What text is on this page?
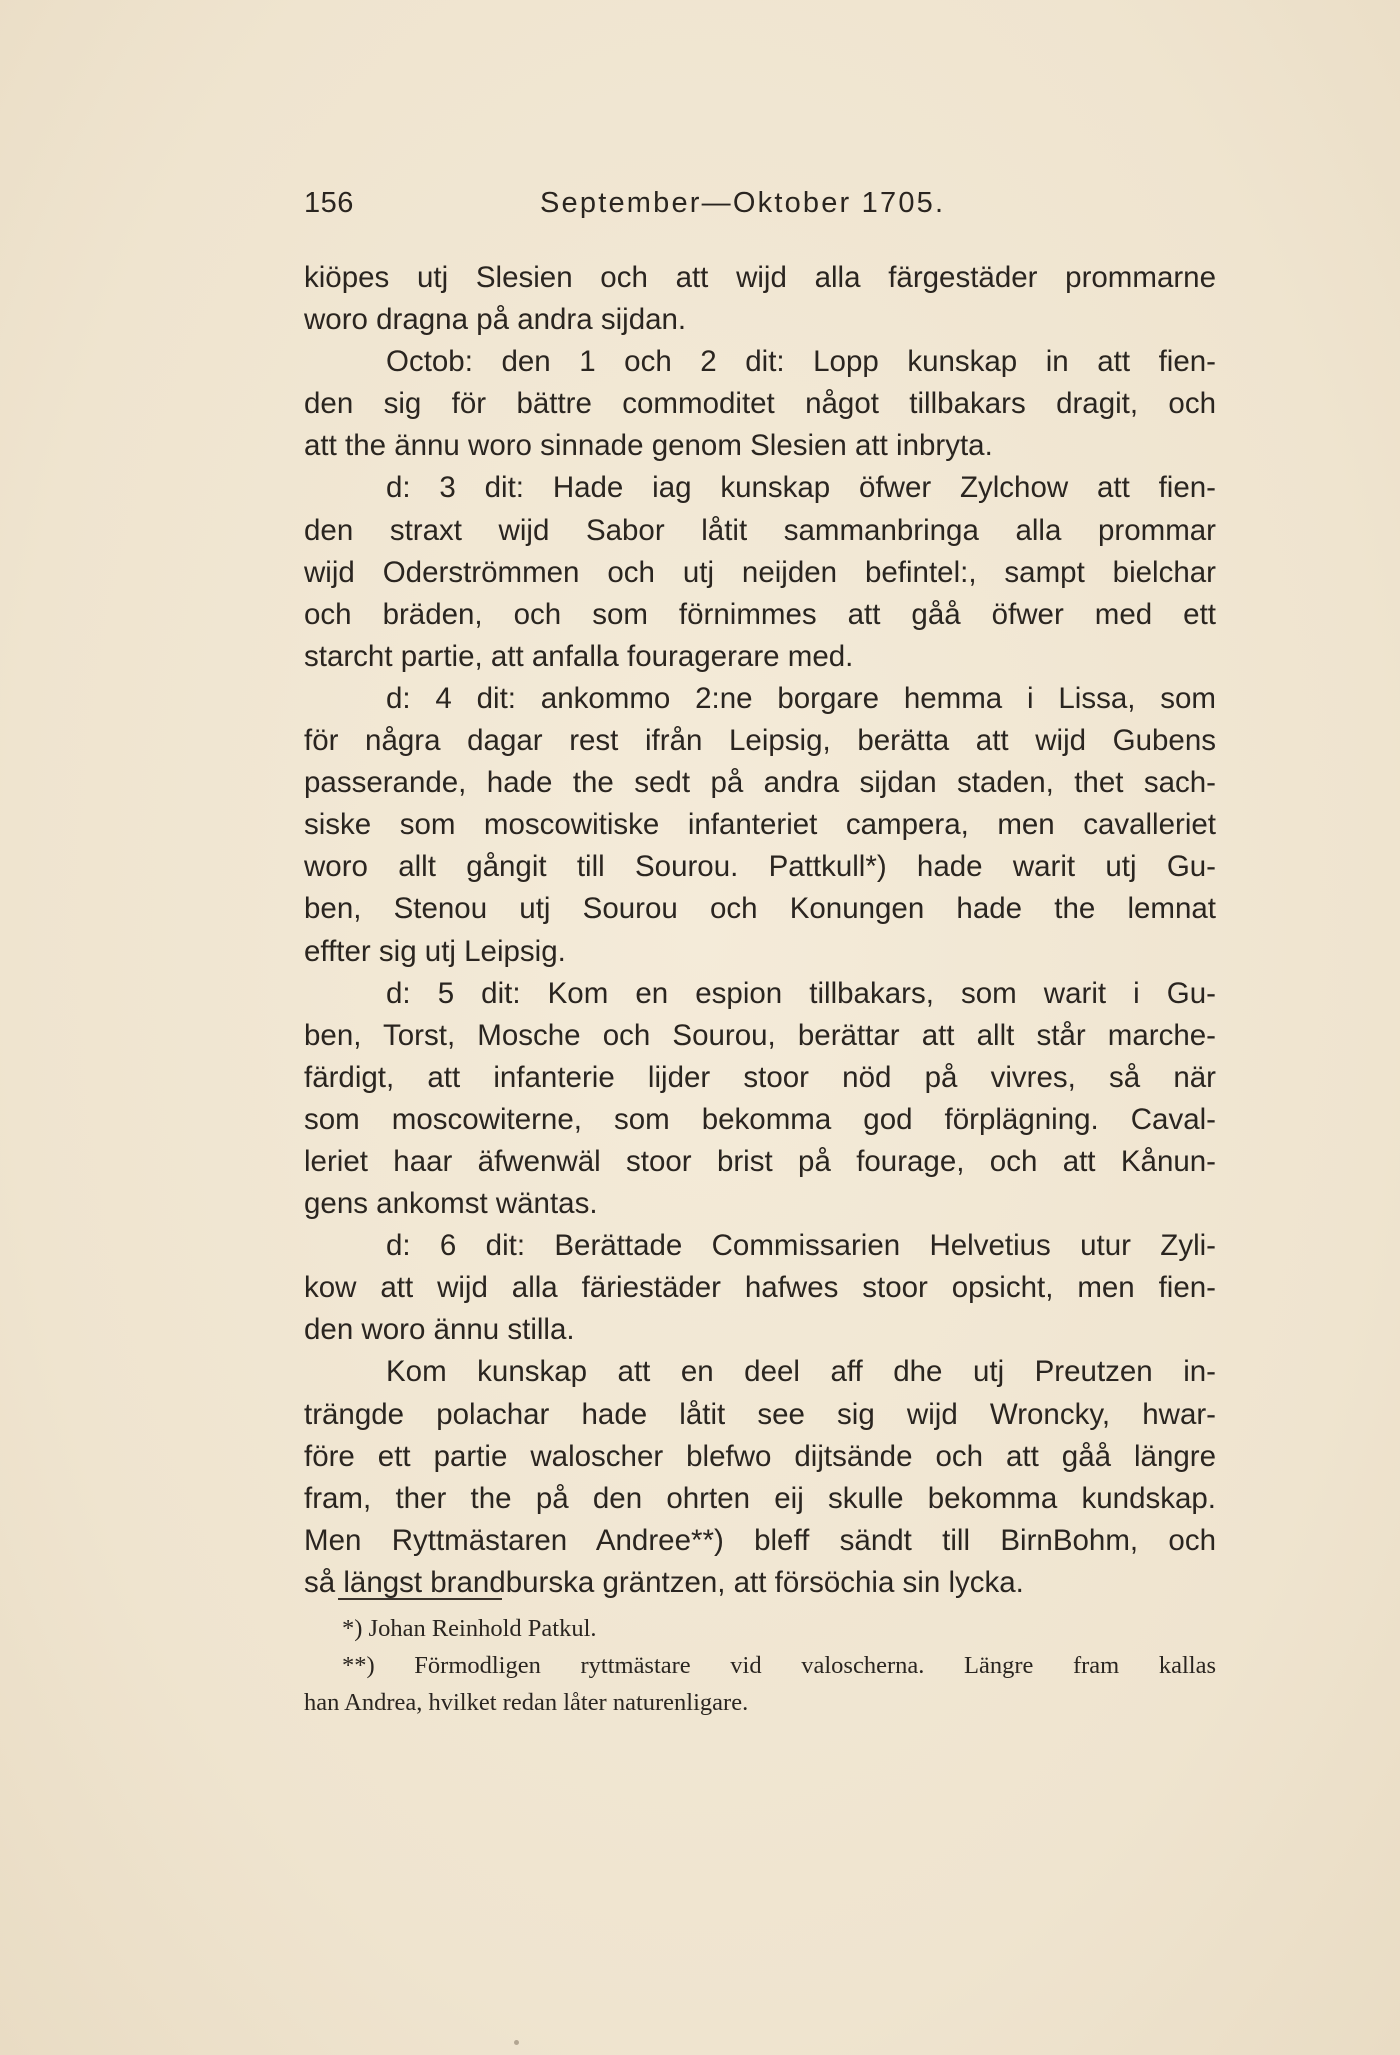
156	September—Oktober 1705.
kiöpes utj Slesien och att wijd alla färgestäder prommarne
woro dragna på andra sijdan.
Octob: den 1 och 2 dit: Lopp kunskap in att fien-
den sig för bättre commoditet något tillbakars dragit, och
att the ännu woro sinnade genom Slesien att inbryta.
d: 3 dit: Hade iag kunskap öfwer Zylchow att fien-
den straxt wijd Sabor låtit sammanbringa alla prommar
wijd Oderströmmen och utj neijden befintel:, sampt bielchar
och bräden, och som förnimmes att gåå öfwer med ett
starcht partie, att anfalla fouragerare med.
d: 4 dit: ankommo 2:ne borgare hemma i Lissa, som
för några dagar rest ifrån Leipsig, berätta att wijd Gubens
passerande, hade the sedt på andra sijdan staden, thet sach-
siske som moscowitiske infanteriet campera, men cavalleriet
woro allt gångit till Sourou. Pattkull*) hade warit utj Gu-
ben, Stenou utj Sourou och Konungen hade the lemnat
effter sig utj Leipsig.
d: 5 dit: Kom en espion tillbakars, som warit i Gu-
ben, Torst, Mosche och Sourou, berättar att allt står marche-
färdigt, att infanterie lijder stoor nöd på vivres, så när
som moscowiterne, som bekomma god förplägning. Caval-
leriet haar äfwenwäl stoor brist på fourage, och att Kånun-
gens ankomst wäntas.
d: 6 dit: Berättade Commissarien Helvetius utur Zyli-
kow att wijd alla färiestäder hafwes stoor opsicht, men fien-
den woro ännu stilla.
Kom kunskap att en deel aff dhe utj Preutzen in-
trängde polachar hade låtit see sig wijd Wroncky, hwar-
före ett partie waloscher blefwo dijtsände och att gåå längre
fram, ther the på den ohrten eij skulle bekomma kundskap.
Men Ryttmästaren Andree**) bleff sändt till BirnBohm, och
så längst brandburska gräntzen, att försöchia sin lycka.
*) Johan Reinhold Patkul.
**) Förmodligen ryttmästare vid valoscherna. Längre fram kallas
han Andrea, hvilket redan låter naturenligare.
